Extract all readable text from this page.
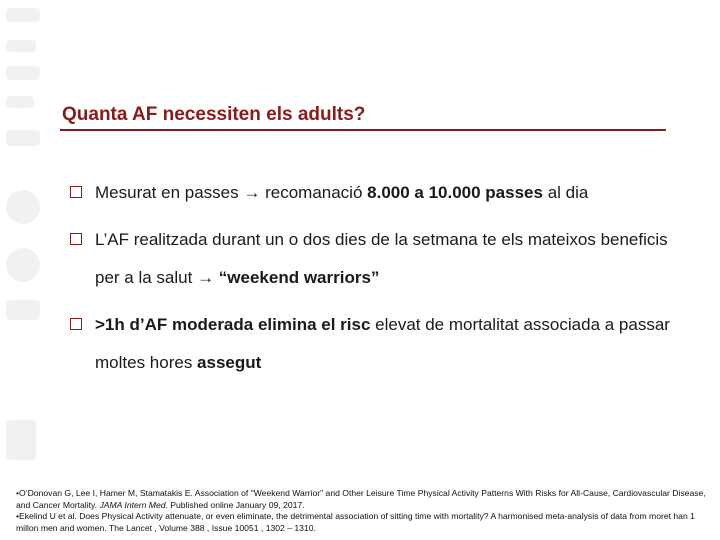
Quanta AF necessiten els adults?
Mesurat en passes → recomanació 8.000 a 10.000 passes al dia
L’AF realitzada durant un o dos dies de la setmana te els mateixos beneficis per a la salut → “weekend warriors”
>1h d’AF moderada elimina el risc elevat de mortalitat associada a passar moltes hores assegut

•O’Donovan G, Lee I, Hamer M, Stamatakis E. Association of "Weekend Warrior" and Other Leisure Time Physical Activity Patterns With Risks for All-Cause, Cardiovascular Disease, and Cancer Mortality. JAMA Intern Med. Published online January 09, 2017.

•Ekelind U et al. Does Physical Activity attenuate, or even eliminate, the detrimental association of sitting time with mortality? A harmonised meta-analysis of data from moret han 1 millon men and women. The Lancet , Volume 388 , Issue 10051 , 1302 – 1310.
